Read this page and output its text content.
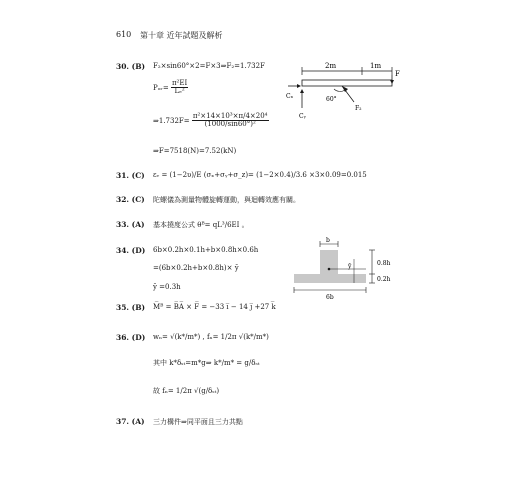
610 第十章 近年試題及解析
30. (B) F₂×sin60°×2=F×3⇒F₂=1.732F
Pₒᵣ= $\frac{\text{π²EI}}{\text{Lₑ²}}$
⇒1.732F= $\frac{\text{π²×14×10³×π/4×20⁴}}{\text{(1000/sin60°)²}}$
⇒F=7518(N)=7.52(kN)
2m	1m
F
Cₓ
Cᵧ
60°
F₂
31. (C) εᵥ = (1−2υ)/E (σₓ+σᵧ+σ_z)= (1−2×0.4)/3.6 ×3×0.09=0.015
32. (C) 陀螺儀為測量物體旋轉運動，與迴轉效應有關。
33. (A) 基本撓度公式 θᴮ= qL³/6EI 。
34. (D) 6b×0.2h×0.1h+b×0.8h×0.6h
=(6b×0.2h+b×0.8h)× ȳ
ȳ =0.3h
b
ȳ	0.8h
0.2h
6b
35. (B) M̅ᴮ = B̅A̅ × F̅ = −33 i̅ − 14 j̅ +27 k̅
36. (D) wₙ= √(k*/m*) , fₙ= 1/2π √(k*/m*)
其中 k*δₛₜ=m*g⇒ k*/m* = g/δₛₜ
故 fₙ= 1/2π √(g/δₛₜ)
37. (A) 三力構件⇒同平面且三力共點
